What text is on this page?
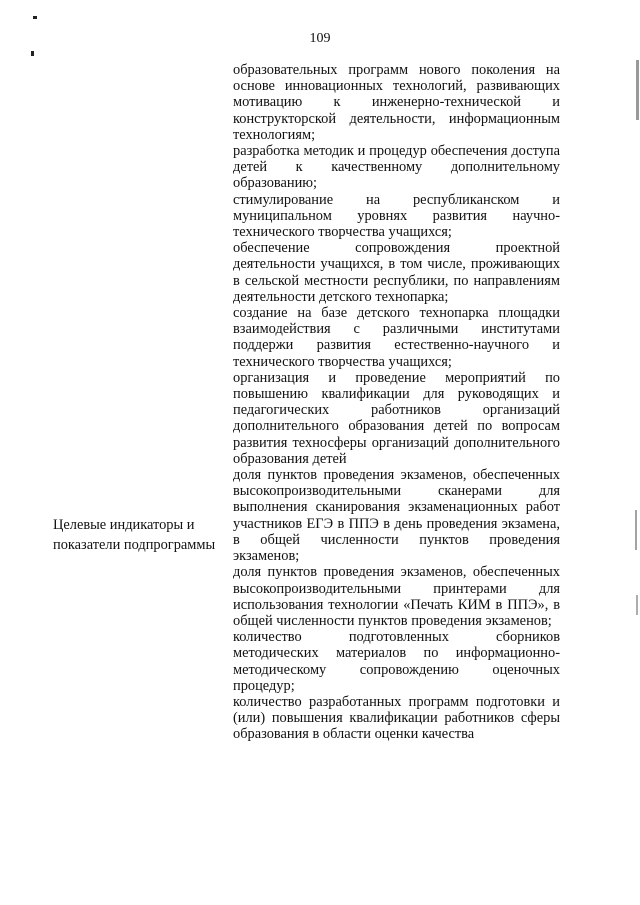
109
Целевые индикаторы и
показатели подпрограммы

образовательных программ нового поколения на основе инновационных технологий, развивающих мотивацию к инженерно-технической и конструкторской деятельности, информационным технологиям;

разработка методик и процедур обеспечения доступа детей к качественному дополнительному образованию;

стимулирование на республиканском и муниципальном уровнях развития научно-технического творчества учащихся;

обеспечение сопровождения проектной деятельности учащихся, в том числе, проживающих в сельской местности республики, по направлениям деятельности детского технопарка;

создание на базе детского технопарка площадки взаимодействия с различными институтами поддержи развития естественно-научного и технического творчества учащихся;

организация и проведение мероприятий по повышению квалификации для руководящих и педагогических работников организаций дополнительного образования детей по вопросам развития техносферы организаций дополнительного образования детей

доля пунктов проведения экзаменов, обеспеченных высокопроизводительными сканерами для выполнения сканирования экзаменационных работ участников ЕГЭ в ППЭ в день проведения экзамена, в общей численности пунктов проведения экзаменов;

доля пунктов проведения экзаменов, обеспеченных высокопроизводительными принтерами для использования технологии «Печать КИМ в ППЭ», в общей численности пунктов проведения экзаменов;

количество подготовленных сборников методических материалов по информационно-методическому сопровождению оценочных процедур;

количество разработанных программ подготовки и (или) повышения квалификации работников сферы образования в области оценки качества
